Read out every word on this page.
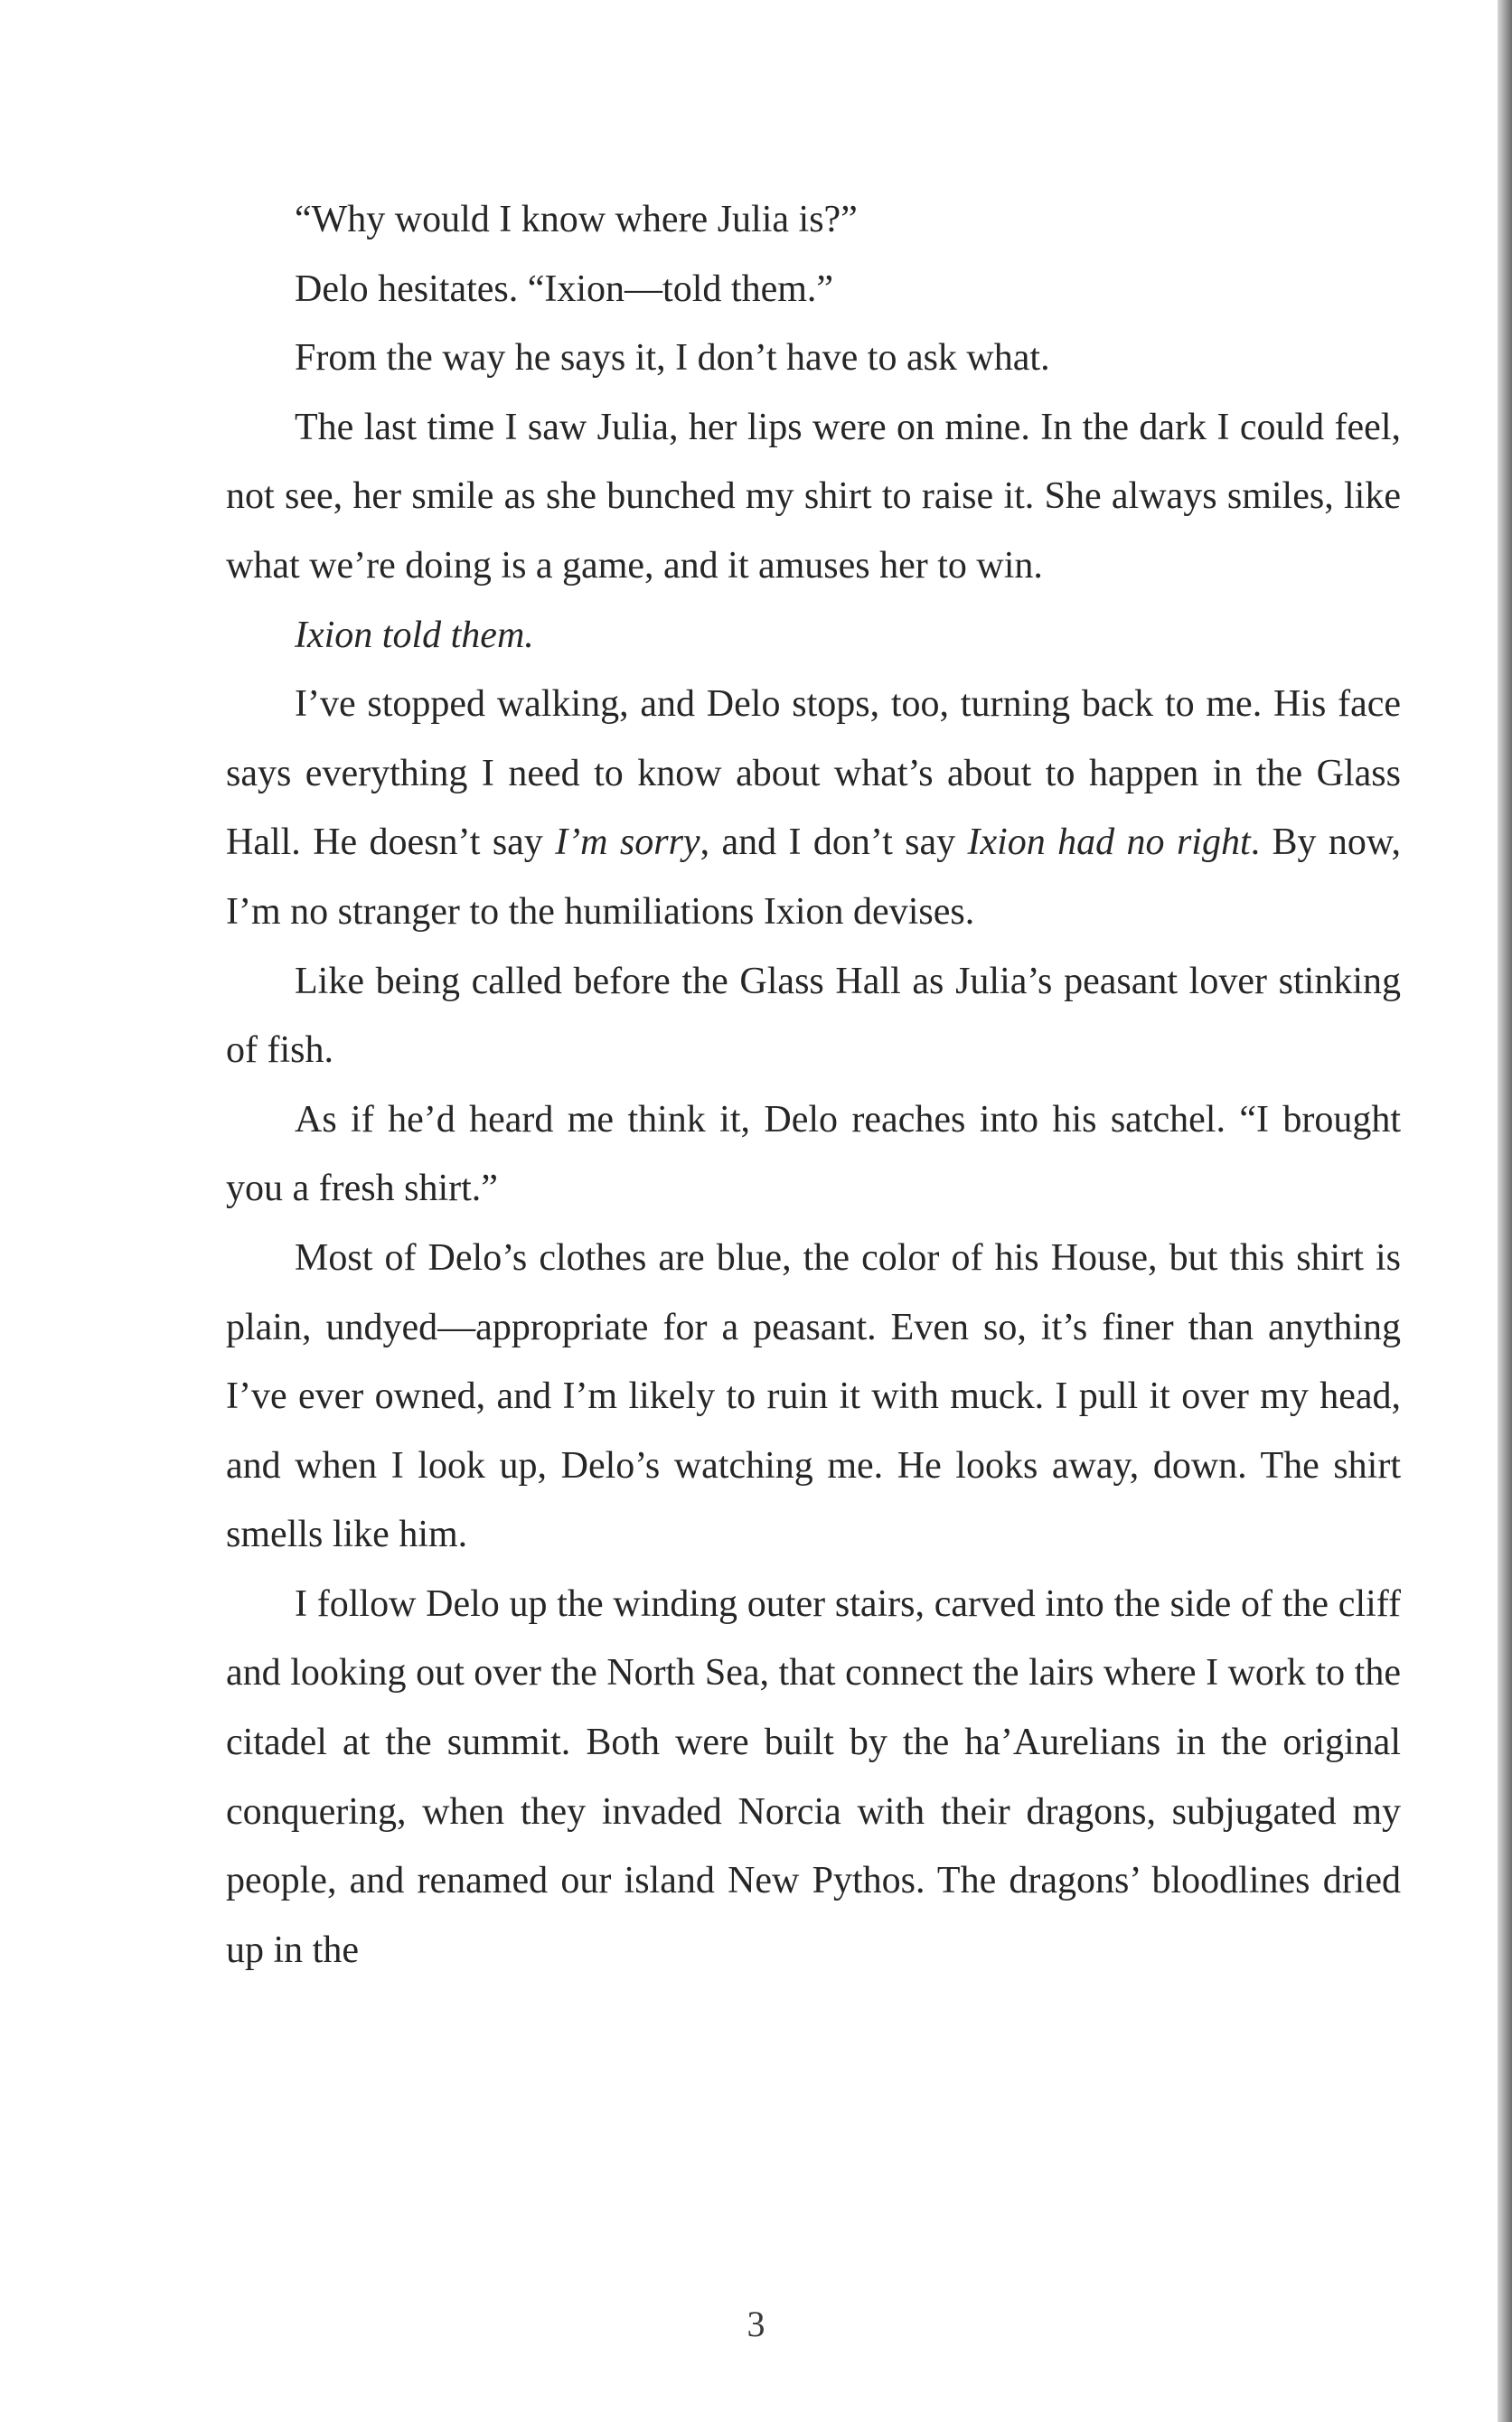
“Why would I know where Julia is?”

Delo hesitates. “Ixion—told them.”

From the way he says it, I don’t have to ask what.

The last time I saw Julia, her lips were on mine. In the dark I could feel, not see, her smile as she bunched my shirt to raise it. She always smiles, like what we’re doing is a game, and it amuses her to win.

Ixion told them.

I’ve stopped walking, and Delo stops, too, turning back to me. His face says everything I need to know about what’s about to happen in the Glass Hall. He doesn’t say I’m sorry, and I don’t say Ixion had no right. By now, I’m no stranger to the humiliations Ixion devises.

Like being called before the Glass Hall as Julia’s peasant lover stinking of fish.

As if he’d heard me think it, Delo reaches into his satchel. “I brought you a fresh shirt.”

Most of Delo’s clothes are blue, the color of his House, but this shirt is plain, undyed—appropriate for a peasant. Even so, it’s finer than anything I’ve ever owned, and I’m likely to ruin it with muck. I pull it over my head, and when I look up, Delo’s watching me. He looks away, down. The shirt smells like him.

I follow Delo up the winding outer stairs, carved into the side of the cliff and looking out over the North Sea, that connect the lairs where I work to the citadel at the summit. Both were built by the ha’Aurelians in the original conquering, when they invaded Norcia with their dragons, subjugated my people, and renamed our island New Pythos. The dragons’ bloodlines dried up in the

3
